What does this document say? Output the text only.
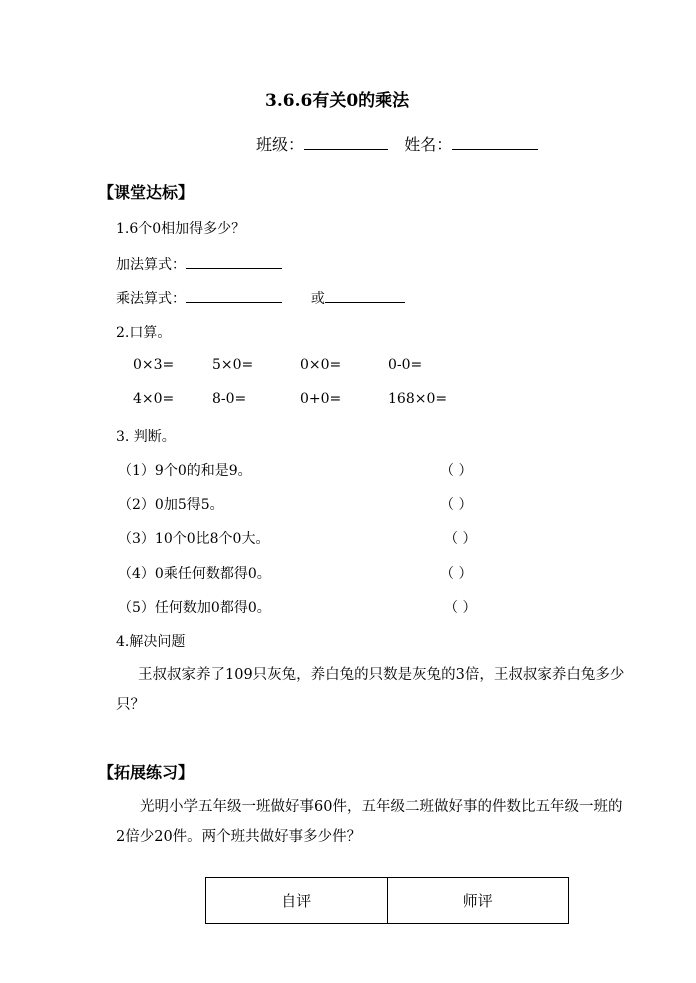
3.6.6有关0的乘法
班级：	姓名：
【课堂达标】
1.6个0相加得多少？
加法算式：
乘法算式：	或
2.口算。
0×3=	5×0=	0×0=	0-0=
4×0=	8-0=	0+0=	168×0=
3. 判断。
（1）9个0的和是9。	（ ）
（2）0加5得5。	（ ）
（3）10个0比8个0大。	（ ）
（4）0乘任何数都得0。	（ ）
（5）任何数加0都得0。	（ ）
4.解决问题
王叔叔家养了109只灰兔，养白兔的只数是灰兔的3倍，王叔叔家养白兔多少只？
【拓展练习】
光明小学五年级一班做好事60件，五年级二班做好事的件数比五年级一班的2倍少20件。两个班共做好事多少件？
自评	师评
